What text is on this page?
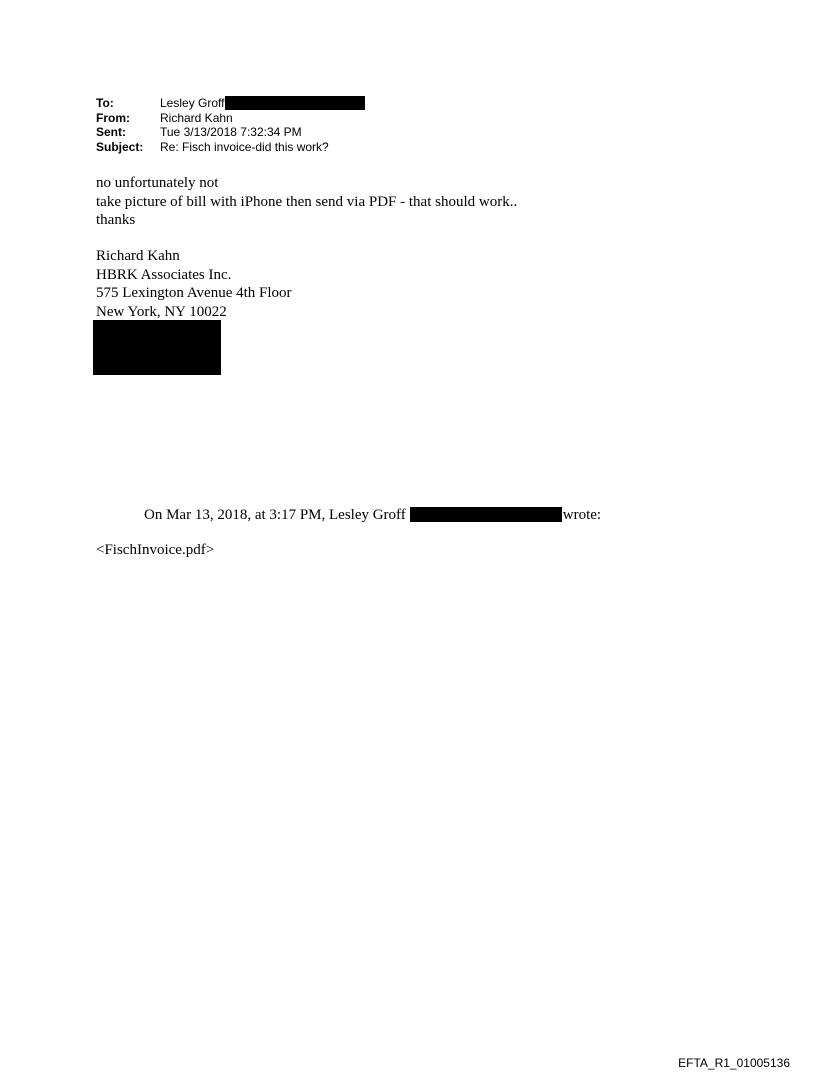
To:	Lesley Groff
From:	Richard Kahn
Sent:	Tue 3/13/2018 7:32:34 PM
Subject: Re: Fisch invoice-did this work?
no unfortunately not
take picture of bill with iPhone then send via PDF - that should work..
thanks
Richard Kahn
HBRK Associates Inc.
575 Lexington Avenue 4th Floor
New York, NY 10022
On Mar 13, 2018, at 3:17 PM, Lesley Groff	wrote:
<FischInvoice.pdf>
EFTA_R1_01005136
